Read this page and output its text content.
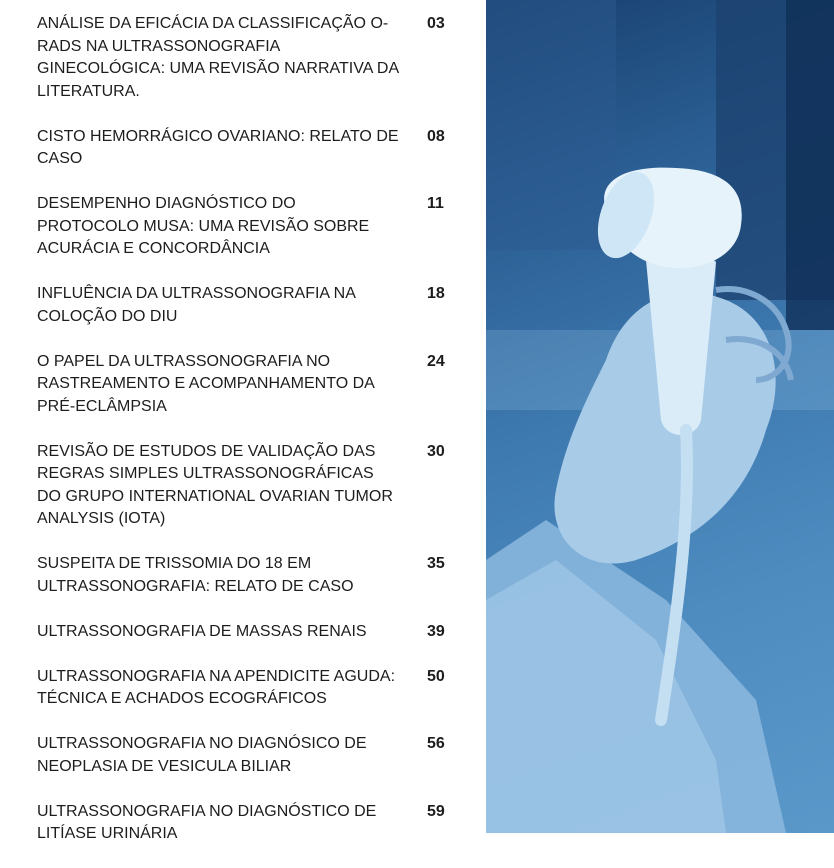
ANÁLISE DA EFICÁCIA DA CLASSIFICAÇÃO O-RADS NA ULTRASSONOGRAFIA GINECOLÓGICA: UMA REVISÃO NARRATIVA DA LITERATURA.
03
CISTO HEMORRÁGICO OVARIANO: RELATO DE CASO
08
DESEMPENHO DIAGNÓSTICO DO PROTOCOLO MUSA: UMA REVISÃO SOBRE ACURÁCIA E CONCORDÂNCIA
11
INFLUÊNCIA DA ULTRASSONOGRAFIA NA COLOÇÃO DO DIU
18
O PAPEL DA ULTRASSONOGRAFIA NO RASTREAMENTO E ACOMPANHAMENTO DA PRÉ-ECLÂMPSIA
24
REVISÃO DE ESTUDOS DE VALIDAÇÃO DAS REGRAS SIMPLES ULTRASSONOGRÁFICAS DO GRUPO INTERNATIONAL OVARIAN TUMOR ANALYSIS (IOTA)
30
SUSPEITA DE TRISSOMIA DO 18 EM ULTRASSONOGRAFIA: RELATO DE CASO
35
ULTRASSONOGRAFIA DE MASSAS RENAIS	39
ULTRASSONOGRAFIA NA APENDICITE AGUDA: TÉCNICA E ACHADOS ECOGRÁFICOS
50
ULTRASSONOGRAFIA NO DIAGNÓSICO DE NEOPLASIA DE VESICULA BILIAR
56
ULTRASSONOGRAFIA NO DIAGNÓSTICO DE LITÍASE URINÁRIA
59
